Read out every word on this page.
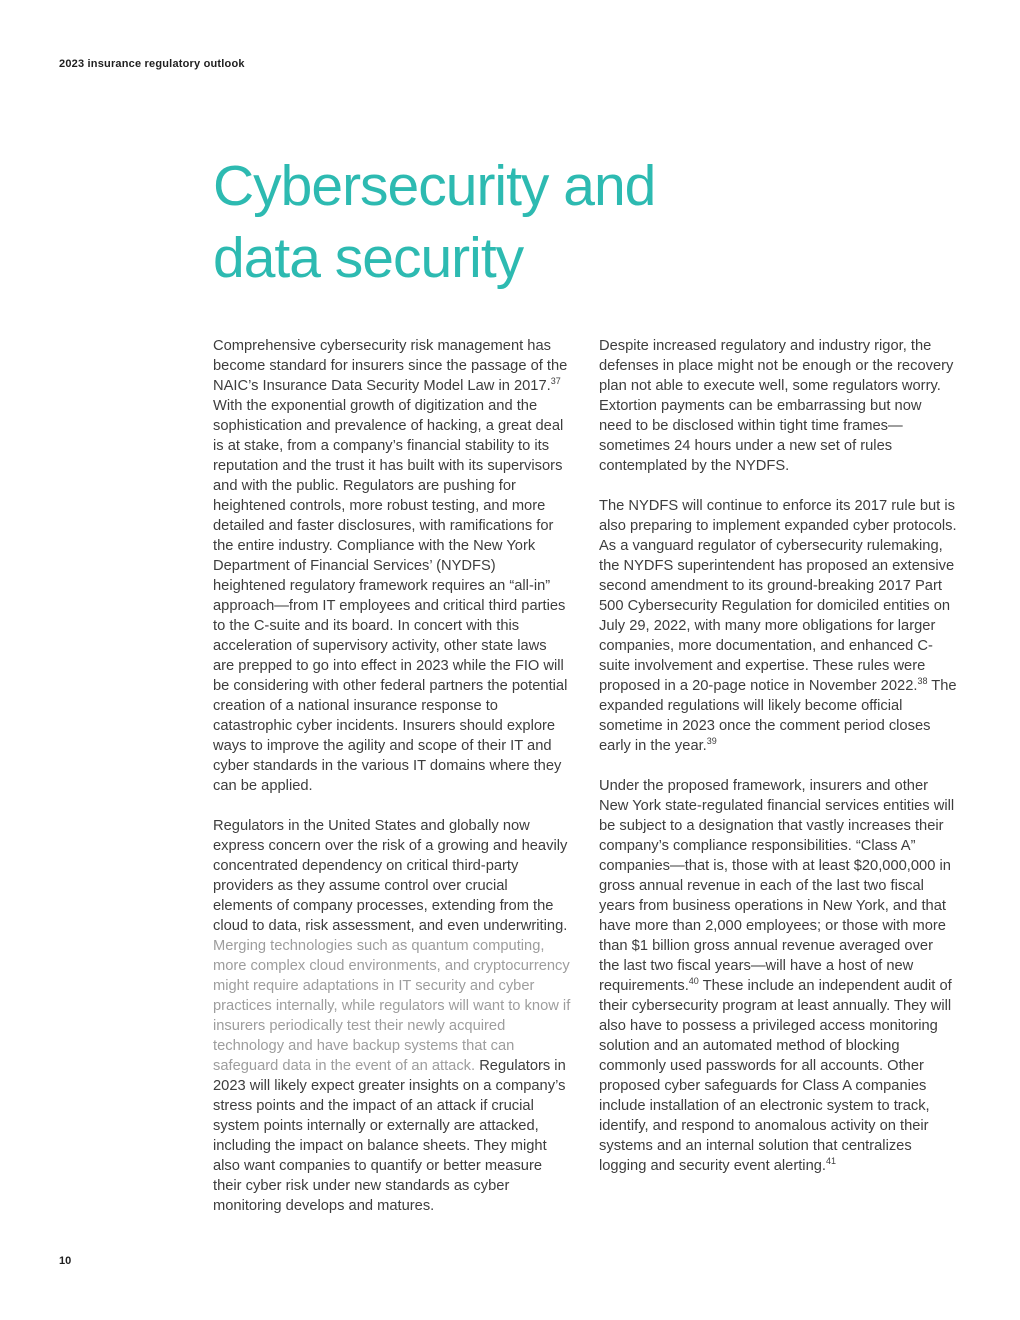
2023 insurance regulatory outlook
Cybersecurity and
data security

Comprehensive cybersecurity risk management has become standard for insurers since the passage of the NAIC’s Insurance Data Security Model Law in 2017.37 With the exponential growth of digitization and the sophistication and prevalence of hacking, a great deal is at stake, from a company’s financial stability to its reputation and the trust it has built with its supervisors and with the public. Regulators are pushing for heightened controls, more robust testing, and more detailed and faster disclosures, with ramifications for the entire industry. Compliance with the New York Department of Financial Services’ (NYDFS) heightened regulatory framework requires an “all-in” approach—from IT employees and critical third parties to the C-suite and its board. In concert with this acceleration of supervisory activity, other state laws are prepped to go into effect in 2023 while the FIO will be considering with other federal partners the potential creation of a national insurance response to catastrophic cyber incidents. Insurers should explore ways to improve the agility and scope of their IT and cyber standards in the various IT domains where they can be applied.

Regulators in the United States and globally now express concern over the risk of a growing and heavily concentrated dependency on critical third-party providers as they assume control over crucial elements of company processes, extending from the cloud to data, risk assessment, and even underwriting. Merging technologies such as quantum computing, more complex cloud environments, and cryptocurrency might require adaptations in IT security and cyber practices internally, while regulators will want to know if insurers periodically test their newly acquired technology and have backup systems that can safeguard data in the event of an attack. Regulators in 2023 will likely expect greater insights on a company’s stress points and the impact of an attack if crucial system points internally or externally are attacked, including the impact on balance sheets. They might also want companies to quantify or better measure their cyber risk under new standards as cyber monitoring develops and matures.

Despite increased regulatory and industry rigor, the defenses in place might not be enough or the recovery plan not able to execute well, some regulators worry. Extortion payments can be embarrassing but now need to be disclosed within tight time frames—sometimes 24 hours under a new set of rules contemplated by the NYDFS.

The NYDFS will continue to enforce its 2017 rule but is also preparing to implement expanded cyber protocols. As a vanguard regulator of cybersecurity rulemaking, the NYDFS superintendent has proposed an extensive second amendment to its ground-breaking 2017 Part 500 Cybersecurity Regulation for domiciled entities on July 29, 2022, with many more obligations for larger companies, more documentation, and enhanced C-suite involvement and expertise. These rules were proposed in a 20-page notice in November 2022.38 The expanded regulations will likely become official sometime in 2023 once the comment period closes early in the year.$^{39}$

Under the proposed framework, insurers and other New York state-regulated financial services entities will be subject to a designation that vastly increases their company’s compliance responsibilities. “Class A” companies—that is, those with at least $20,000,000 in gross annual revenue in each of the last two fiscal years from business operations in New York, and that have more than 2,000 employees; or those with more than $1 billion gross annual revenue averaged over the last two fiscal years—will have a host of new requirements.$^{40}$ These include an independent audit of their cybersecurity program at least annually. They will also have to possess a privileged access monitoring solution and an automated method of blocking commonly used passwords for all accounts. Other proposed cyber safeguards for Class A companies include installation of an electronic system to track, identify, and respond to anomalous activity on their systems and an internal solution that centralizes logging and security event alerting.$^{41}$

10
